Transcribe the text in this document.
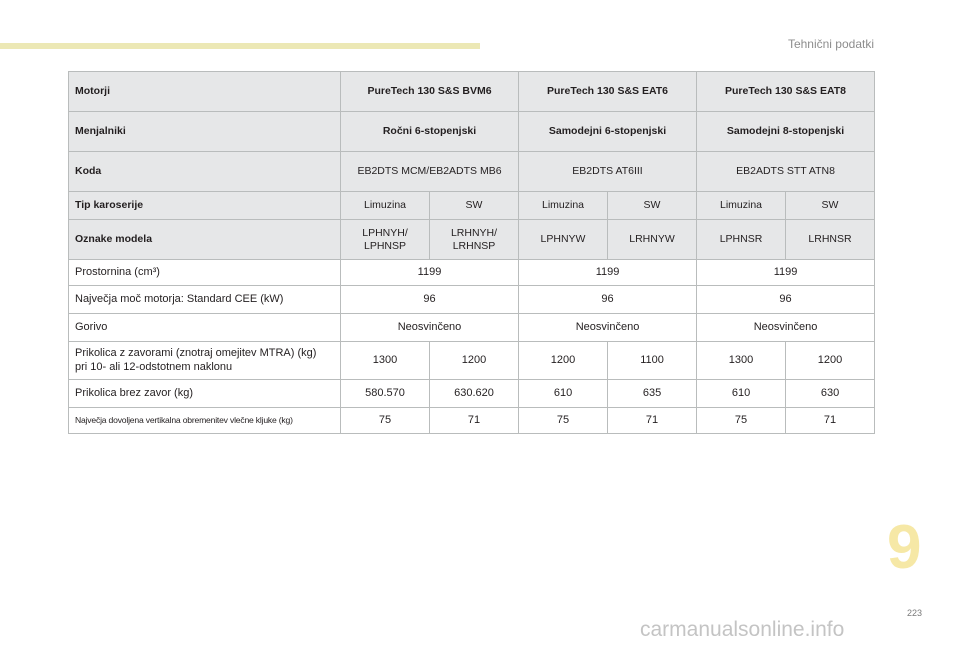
Tehnični podatki
Motorji	PureTech 130 S&S BVM6		PureTech 130 S&S EAT6		PureTech 130 S&S EAT8	
Menjalniki	Ročni 6-stopenjski		Samodejni 6-stopenjski		Samodejni 8-stopenjski	
Koda	EB2DTS MCM/EB2ADTS MB6		EB2DTS AT6III		EB2ADTS STT ATN8	
Tip karoserije	Limuzina	SW	Limuzina	SW	Limuzina	SW
Oznake modela	LPHNYH/
LPHNSP	LRHNYH/
LRHNSP	LPHNYW	LRHNYW	LPHNSR	LRHNSR
Prostornina (cm³)	1199		1199		1199	
Največja moč motorja: Standard CEE (kW)	96		96		96	
Gorivo	Neosvinčeno		Neosvinčeno		Neosvinčeno	
Prikolica z zavorami (znotraj omejitev MTRA) (kg)
pri 10- ali 12-odstotnem naklonu	1300	1200	1200	1100	1300	1200
Prikolica brez zavor (kg)	580.570	630.620	610	635	610	630
Največja dovoljena vertikalna obremenitev vlečne kljuke (kg)	75	71	75	71	75	71
9
223
carmanualsonline.info
